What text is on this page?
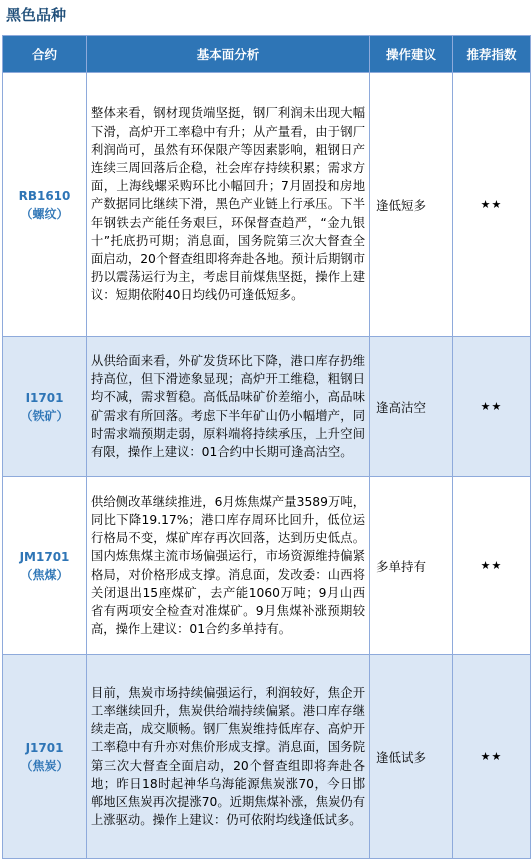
黑色品种
合约	基本面分析	操作建议	推荐指数

RB1610
（螺纹）	整体来看，钢材现货端坚挺，钢厂利润未出现大幅下滑，高炉开工率稳中有升；从产量看，由于钢厂利润尚可，虽然有环保限产等因素影响，粗钢日产连续三周回落后企稳，社会库存持续积累；需求方面，上海线螺采购环比小幅回升；7月固投和房地产数据同比继续下滑，黑色产业链上行承压。下半年钢铁去产能任务艰巨，环保督查趋严，“金九银十”托底扔可期；消息面，国务院第三次大督查全面启动，20个督查组即将奔赴各地。预计后期钢市扔以震荡运行为主，考虑目前煤焦坚挺，操作上建议：短期依附40日均线仍可逢低短多。	逢低短多	★★

I1701
（铁矿）	从供给面来看，外矿发货环比下降，港口库存扔维持高位，但下滑迹象显现；高炉开工维稳，粗钢日均不减，需求暂稳。高低品味矿价差缩小，高品味矿需求有所回落。考虑下半年矿山仍小幅增产，同时需求端预期走弱，原料端将持续承压，上升空间有限，操作上建议：01合约中长期可逢高沽空。	逢高沽空	★★

JM1701
（焦煤）	供给侧改革继续推进，6月炼焦煤产量3589万吨，同比下降19.17%；港口库存周环比回升，低位运行格局不变，煤矿库存再次回落，达到历史低点。国内炼焦煤主流市场偏强运行，市场资源维持偏紧格局，对价格形成支撑。消息面，发改委：山西将关闭退出15座煤矿，去产能1060万吨；9月山西省有两项安全检查对准煤矿。9月焦煤补涨预期较高，操作上建议：01合约多单持有。	多单持有	★★

J1701
（焦炭）	目前，焦炭市场持续偏强运行，利润较好，焦企开工率继续回升，焦炭供给端持续偏紧。港口库存继续走高，成交顺畅。钢厂焦炭维持低库存、高炉开工率稳中有升亦对焦价形成支撑。消息面，国务院第三次大督查全面启动，20个督查组即将奔赴各地；昨日18时起神华乌海能源焦炭涨70，今日邯郸地区焦炭再次提涨70。近期焦煤补涨，焦炭仍有上涨驱动。操作上建议：仍可依附均线逢低试多。	逢低试多	★★
